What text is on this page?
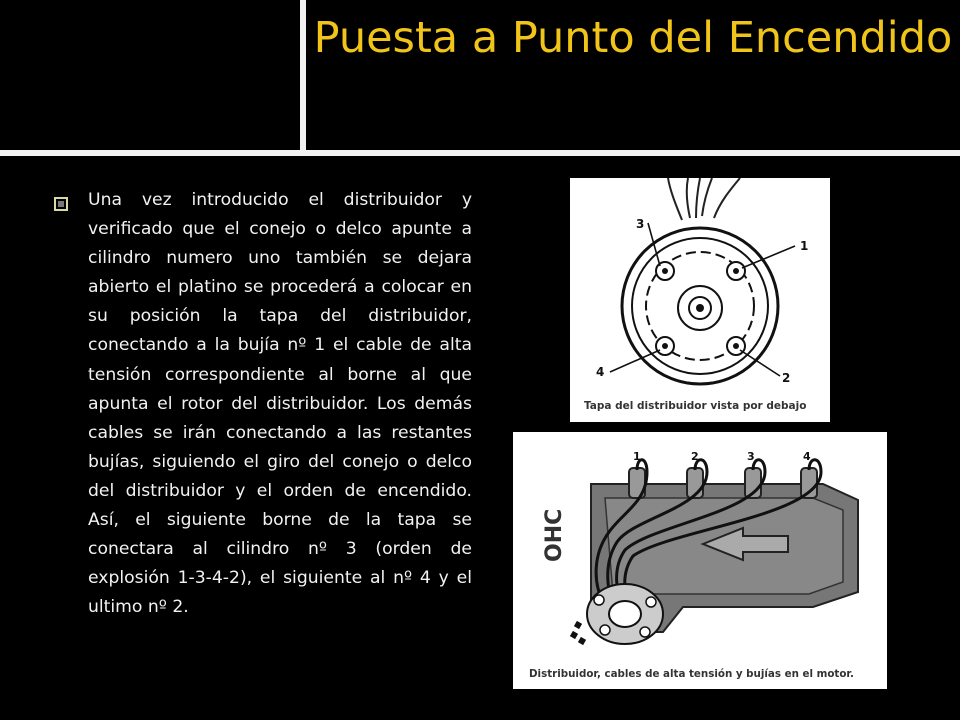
Puesta a Punto del Encendido
Una vez introducido el distribuidor y verificado que el conejo o delco apunte a cilindro numero uno también se dejara abierto el platino se procederá a colocar en su posición la tapa del distribuidor, conectando a la bujía nº 1 el cable de alta tensión correspondiente al borne al que apunta el rotor del distribuidor. Los demás cables se irán conectando a las restantes bujías, siguiendo el giro del conejo o delco del distribuidor y el orden de encendido. Así, el siguiente borne de la tapa se conectara al cilindro nº 3 (orden de explosión 1-3-4-2), el siguiente al nº 4 y el ultimo nº 2.
3
1
4	2
Tapa del distribuidor vista por debajo
OHC
1	2	3	4
Distribuidor, cables de alta tensión y bujías en el motor.
